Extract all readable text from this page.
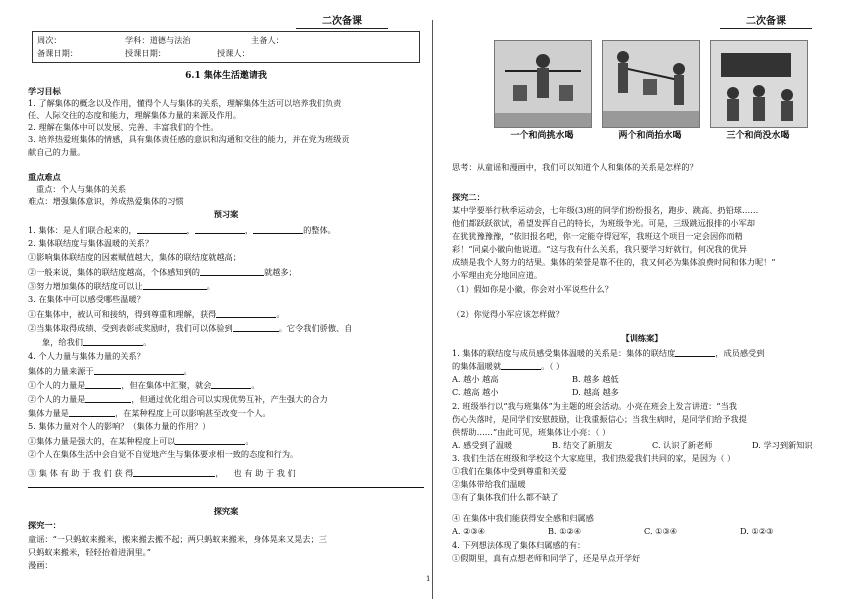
二次备课
周次：	学科：道德与法治	主备人：
备课日期：	授课日期：	授课人：
6.1 集体生活邀请我
学习目标
1. 了解集体的概念以及作用，懂得个人与集体的关系，理解集体生活可以培养我们负责
任、人际交往的态度和能力，理解集体力量的来源及作用。
2. 理解在集体中可以发展、完善、丰富我们的个性。
3. 培养热爱班集体的情感，具有集体责任感的意识和沟通和交往的能力，并在党为班级贡
献自己的力量。
重点难点
重点：个人与集体的关系
难点：增强集体意识，养成热爱集体的习惯
预习案
1. 集体：是人们联合起来的，	，	，	的整体。
2. 集体联结度与集体温暖的关系？
①影响集体联结度的因素赋值越大，集体的联结度就越高；
②一般来说，集体的联结度越高，个体感知到的	就越多；
③努力增加集体的联结度可以让	。
3. 在集体中可以感受哪些温暖？
①在集体中，被认可和接纳，得到尊重和理解，获得	。
②当集体取得成绩、受到表彰或奖励时，我们可以体验到	。它令我们骄傲、自
象，给我们	。
4. 个人力量与集体力量的关系？
集体的力量来源于	。
①个人的力量是	，但在集体中汇聚，就会	。
②个人的力量是	，但通过优化组合可以实现优势互补，产生强大的合力
集体力量是	，在某种程度上可以影响甚至改变一个人。
5. 集体力量对个人的影响？（集体力量的作用？）
①集体力量是强大的，在某种程度上可以	。
②个人在集体生活中会自觉不自觉地产生与集体要求相一致的态度和行为。
③ 集 体 有 助 于 我 们 获 得	， 也 有 助 于 我 们
探究案
探究一：
童谣：“一只蚂蚁来搬米，搬来搬去搬不起；两只蚂蚁来搬米，身体晃来又晃去；三
只蚂蚁来搬米，轻轻抬着进洞里。”
漫画：
二次备课
一个和尚挑水喝	两个和尚抬水喝	三个和尚没水喝
思考：从童谣和漫画中，我们可以知道个人和集体的关系是怎样的？
探究二：
某中学要举行秋季运动会，七年级(3)班的同学们纷纷报名，跑步、跳高、扔铅球……
他们都跃跃欲试，希望发挥自己的特长，为班级争光。可是，三级跳远报排的小军却
在犹犹豫豫豫，“依旧报名吧，你一定能夺得冠军，我班这个项目一定会因你而精
彩！”同桌小徽向他说道。“这与我有什么关系，我只要学习好就行，何况我的优异
成绩是我个人努力的结果。集体的荣誉是靠不住的，我又何必为集体浪费时间和体力呢！”
小军理由充分地回应道。
（1）假如你是小徽，你会对小军说些什么？
（2）你觉得小军应该怎样做？
【训练案】
1. 集体的联结度与成员感受集体温暖的关系是：集体的联结度	，成员感受到
的集体温暖就	。（ ）
A. 越小 越高	B. 越多 越低
C. 越高 越小	D. 越高 越多
2. 班级举行以“我与班集体”为主题的班会活动。小亮在班会上发言讲道：“当我
伤心失落时，是同学们安慰鼓励，让我重振信心；当我生病时，是同学们给予我提
供帮助……”由此可见，班集体让小亮：（ ）
A. 感受到了温暖	B. 结交了新朋友	C. 认识了新老师	D. 学习到新知识
3. 我们生活在班级和学校这个大家庭里，我们热爱我们共同的家，是因为（ ）
①我们在集体中受到尊重和关爱
②集体带给我们温暖
③有了集体我们什么都不缺了
④ 在集体中我们能获得安全感和归属感
A. ②③④	B. ①②④	C. ①③④	D. ①②③
4. 下列想法体现了集体归属感的有：
①假期里，真有点想老师和同学了，还是早点开学好
1
